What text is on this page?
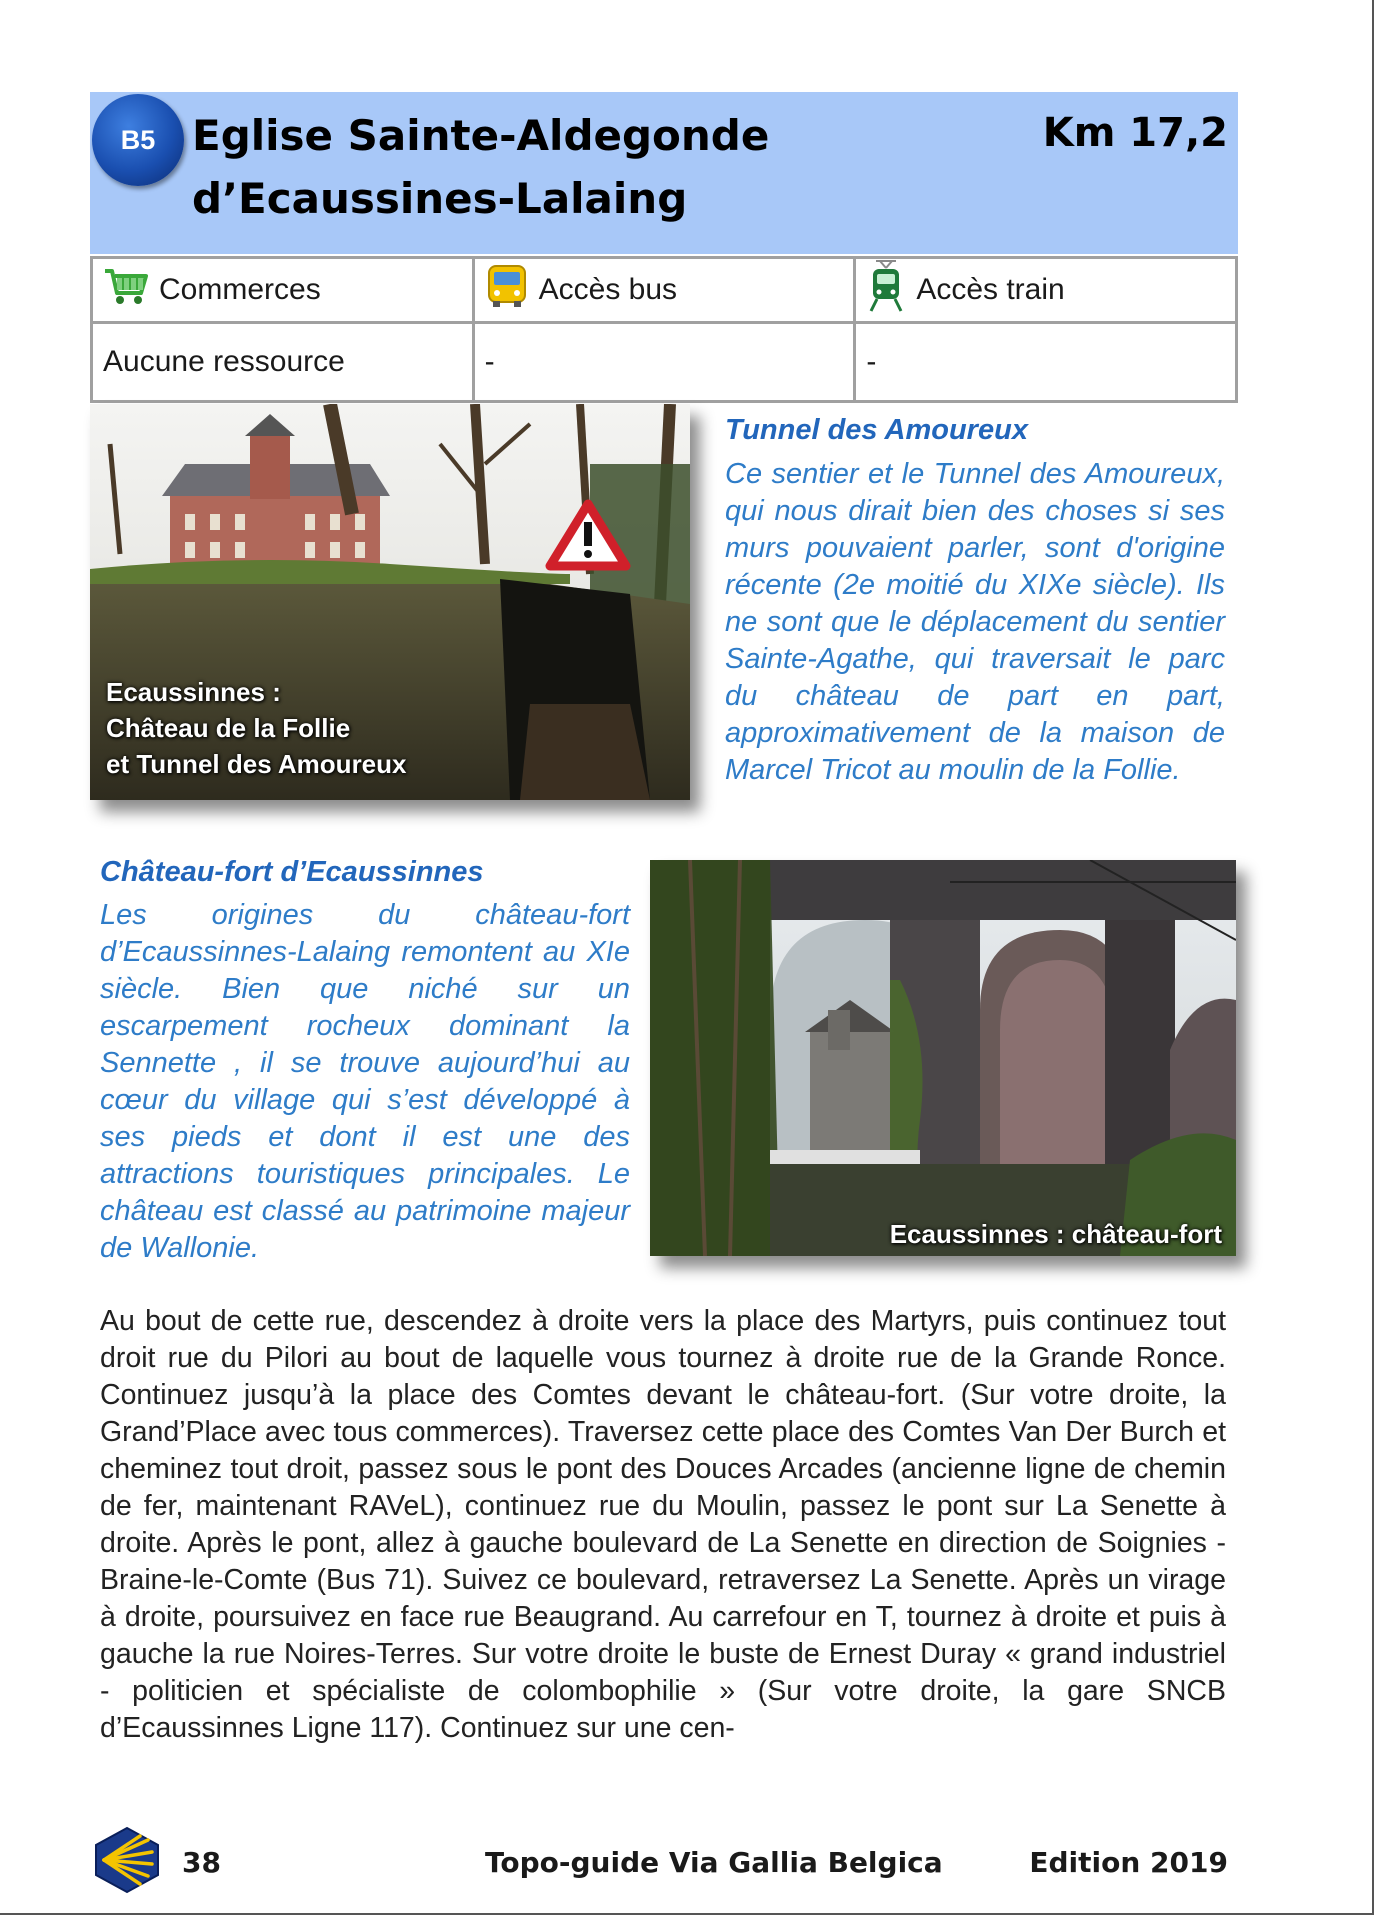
B5 Eglise Sainte-Aldegonde
d’Ecaussines-Lalaing
Km 17,2
Commerces	Accès bus	Accès train

Aucune ressource	-	-
Ecaussinnes :
Château de la Follie
et Tunnel des Amoureux
Tunnel des Amoureux
Ce sentier et le Tunnel des Amoureux, qui nous dirait bien des choses si ses murs pouvaient parler, sont d'origine récente (2e moitié du XIXe siècle). Ils ne sont que le déplacement du sentier Sainte-Agathe, qui traversait le parc du château de part en part, approximativement de la maison de Marcel Tricot au moulin de la Follie.
Château-fort d’Ecaussinnes
Les origines du château-fort d’Ecaussinnes-Lalaing remontent au XIe siècle. Bien que niché sur un escarpement rocheux dominant la Sennette , il se trouve aujourd’hui au cœur du village qui s’est développé à ses pieds et dont il est une des attractions touristiques principales. Le château est classé au patrimoine majeur de Wallonie.	Ecaussinnes : château-fort
Au bout de cette rue, descendez à droite vers la place des Martyrs, puis continuez tout droit rue du Pilori au bout de laquelle vous tournez à droite rue de la Grande Ronce. Continuez jusqu’à la place des Comtes devant le château-fort. (Sur votre droite, la Grand’Place avec tous commerces). Traversez cette place des Comtes Van Der Burch et cheminez tout droit, passez sous le pont des Douces Arcades (ancienne ligne de chemin de fer, maintenant RAVeL), continuez rue du Moulin, passez le pont sur La Senette à droite. Après le pont, allez à gauche boulevard de La Senette en direction de Soignies - Braine-le-Comte (Bus 71). Suivez ce boulevard, retraversez La Senette. Après un virage à droite, poursuivez en face rue Beaugrand. Au carrefour en T, tournez à droite et puis à gauche la rue Noires-Terres. Sur votre droite le buste de Ernest Duray « grand industriel - politicien et spécialiste de colombophilie » (Sur votre droite, la gare SNCB d’Ecaussinnes Ligne 117). Continuez sur une cen-
38	Topo-guide Via Gallia Belgica	Edition 2019
